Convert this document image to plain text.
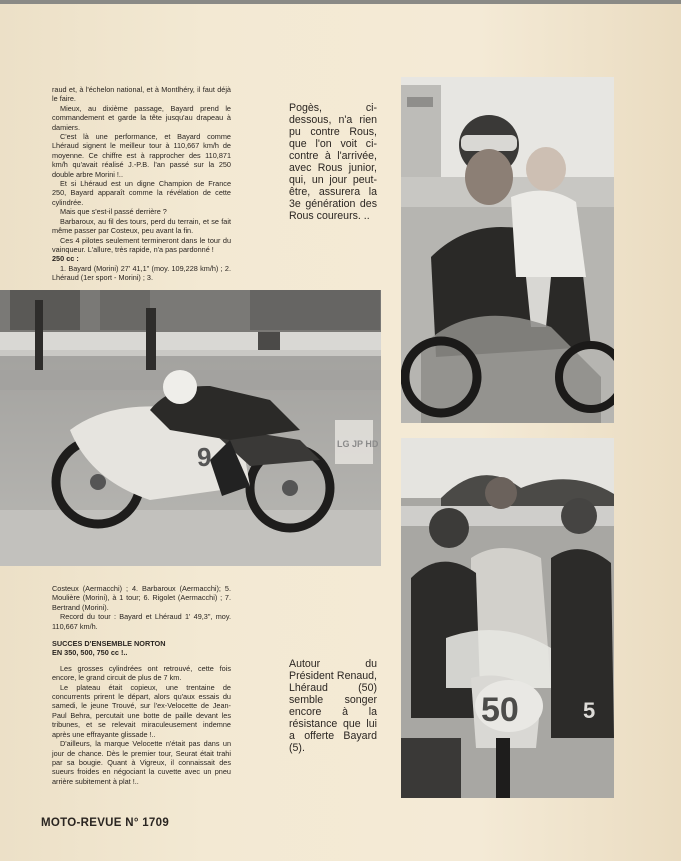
raud et, à l'échelon national, et à Montlhéry, il faut déjà le faire.

Mieux, au dixième passage, Bayard prend le commandement et garde la tête jusqu'au drapeau à damiers.

C'est là une performance, et Bayard comme Lhéraud signent le meilleur tour à 110,667 km/h de moyenne. Ce chiffre est à rapprocher des 110,871 km/h qu'avait réalisé J.-P.B. l'an passé sur la 250 double arbre Morini !..

Et si Lhéraud est un digne Champion de France 250, Bayard apparaît comme la révélation de cette cylindrée.

Mais que s'est-il passé derrière ?

Barbaroux, au fil des tours, perd du terrain, et se fait même passer par Costeux, peu avant la fin.

Ces 4 pilotes seulement termineront dans le tour du vainqueur. L'allure, très rapide, n'a pas pardonné !

250 cc :

1. Bayard (Morini) 27' 41,1" (moy. 109,228 km/h) ; 2. Lhéraud (1er sport - Morini) ; 3.

Pogès, ci-dessous, n'a rien pu contre Rous, que l'on voit ci-contre à l'arrivée, avec Rous junior, qui, un jour peut-être, assurera la 3e génération des Rous coureurs. ..
9	LG JP HD
50	5

Costeux (Aermacchi) ; 4. Barbaroux (Aermacchi); 5. Moulière (Morini), à 1 tour; 6. Rigolet (Aermacchi) ; 7. Bertrand (Morini).

Record du tour : Bayard et Lhéraud 1' 49,3", moy. 110,667 km/h.

SUCCES D'ENSEMBLE NORTON
EN 350, 500, 750 cc !..

Les grosses cylindrées ont retrouvé, cette fois encore, le grand circuit de plus de 7 km.

Le plateau était copieux, une trentaine de concurrents prirent le départ, alors qu'aux essais du samedi, le jeune Trouvé, sur l'ex-Velocette de Jean-Paul Behra, percutait une botte de paille devant les tribunes, et se relevait miraculeusement indemne après une effrayante glissade !..

D'ailleurs, la marque Velocette n'était pas dans un jour de chance. Dès le premier tour, Seurat était trahi par sa bougie. Quant à Vigreux, il connaissait des sueurs froides en négociant la cuvette avec un pneu arrière subitement à plat !..

Autour du Président Renaud, Lhéraud (50) semble songer encore à la résistance que lui a offerte Bayard (5).
MOTO-REVUE N° 1709
